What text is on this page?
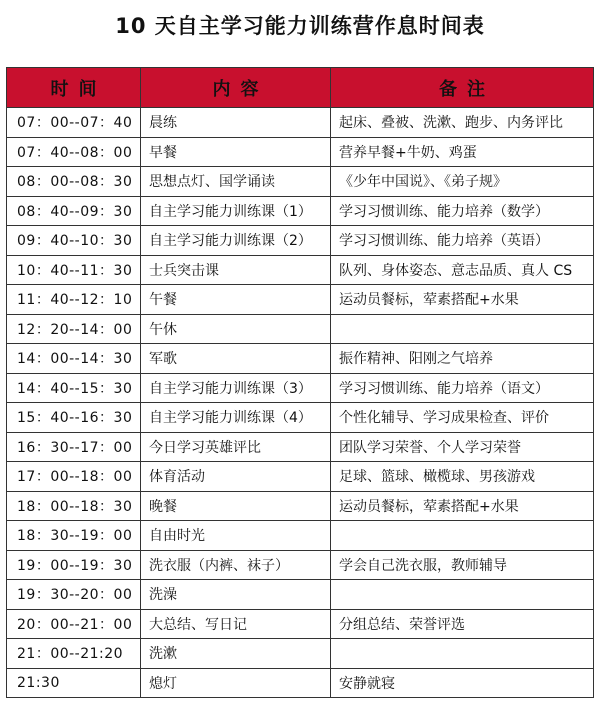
10 天自主学习能力训练营作息时间表
时间	内容	备注
07：00--07：40	晨练	起床、叠被、洗漱、跑步、内务评比
07：40--08：00	早餐	营养早餐+牛奶、鸡蛋
08：00--08：30	思想点灯、国学诵读	《少年中国说》、《弟子规》
08：40--09：30	自主学习能力训练课（1）	学习习惯训练、能力培养（数学）
09：40--10：30	自主学习能力训练课（2）	学习习惯训练、能力培养（英语）
10：40--11：30	士兵突击课	队列、身体姿态、意志品质、真人 CS
11：40--12：10	午餐	运动员餐标，荤素搭配+水果
12：20--14：00	午休	
14：00--14：30	军歌	振作精神、阳刚之气培养
14：40--15：30	自主学习能力训练课（3）	学习习惯训练、能力培养（语文）
15：40--16：30	自主学习能力训练课（4）	个性化辅导、学习成果检查、评价
16：30--17：00	今日学习英雄评比	团队学习荣誉、个人学习荣誉
17：00--18：00	体育活动	足球、篮球、橄榄球、男孩游戏
18：00--18：30	晚餐	运动员餐标，荤素搭配+水果
18：30--19：00	自由时光	
19：00--19：30	洗衣服（内裤、袜子）	学会自己洗衣服，教师辅导
19：30--20：00	洗澡	
20：00--21：00	大总结、写日记	分组总结、荣誉评选
21：00--21:20	洗漱	
21:30	熄灯	安静就寝
